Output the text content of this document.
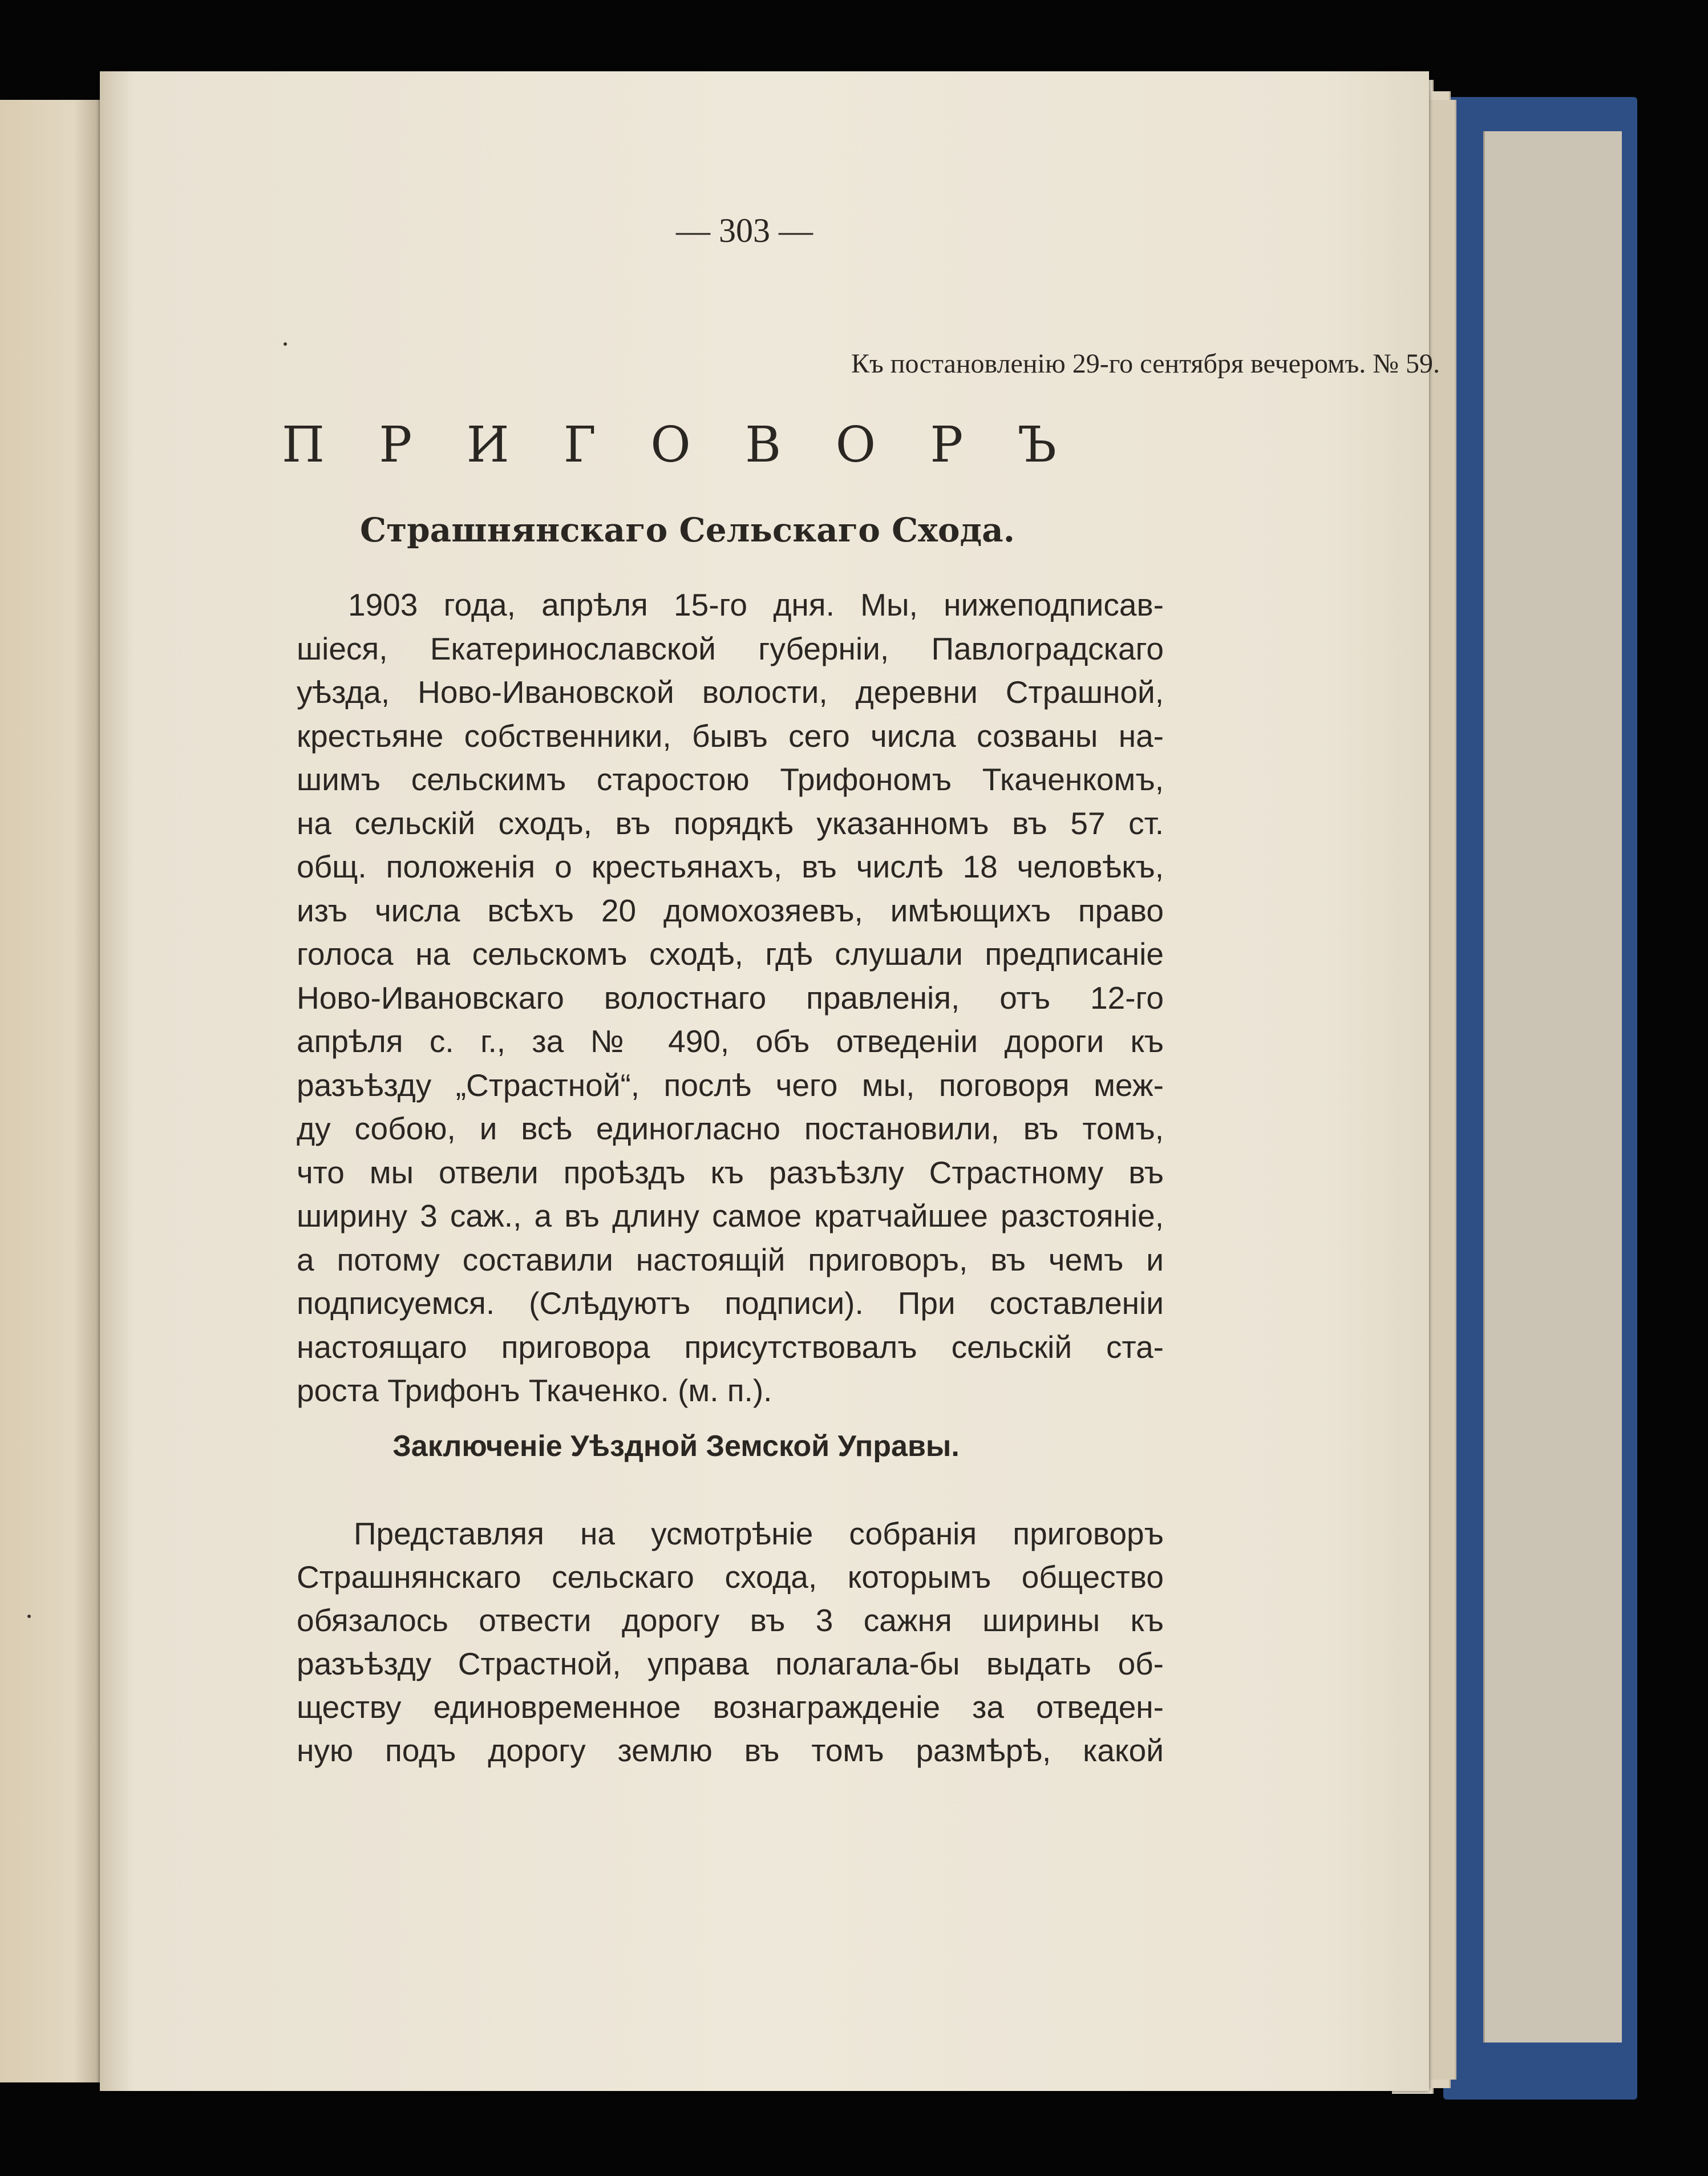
— 303 —
Къ постановленію 29-го сентября вечеромъ. № 59.
П Р И Г О В О Р Ъ
Страшнянскаго Сельскаго Схода.
1903 года, апрѣля 15-го дня. Мы, нижеподписав-
шіеся, Екатеринославской губерніи, Павлоградскаго
уѣзда, Ново-Ивановской волости, деревни Страшной,
крестьяне собственники, бывъ сего числа созваны на-
шимъ сельскимъ старостою Трифономъ Ткаченкомъ,
на сельскій сходъ, въ порядкѣ указанномъ въ 57 ст.
общ. положенія о крестьянахъ, въ числѣ 18 человѣкъ,
изъ числа всѣхъ 20 домохозяевъ, имѣющихъ право
голоса на сельскомъ сходѣ, гдѣ слушали предписаніе
Ново-Ивановскаго волостнаго правленія, отъ 12-го
апрѣля с. г., за № 490, объ отведеніи дороги къ
разъѣзду „Страстной“, послѣ чего мы, поговоря меж-
ду собою, и всѣ единогласно постановили, въ томъ,
что мы отвели проѣздъ къ разъѣзлу Страстному въ
ширину 3 саж., а въ длину самое кратчайшее разстояніе,
а потому составили настоящій приговоръ, въ чемъ и
подписуемся. (Слѣдуютъ подписи). При составленіи
настоящаго приговора присутствовалъ сельскій ста-
роста Трифонъ Ткаченко. (м. п.).
Заключеніе Уѣздной Земской Управы.
Представляя на усмотрѣніе собранія приговоръ
Страшнянскаго сельскаго схода, которымъ общество
обязалось отвести дорогу въ 3 сажня ширины къ
разъѣзду Страстной, управа полагала-бы выдать об-
ществу единовременное вознагражденіе за отведен-
ную подъ дорогу землю въ томъ размѣрѣ, какой
